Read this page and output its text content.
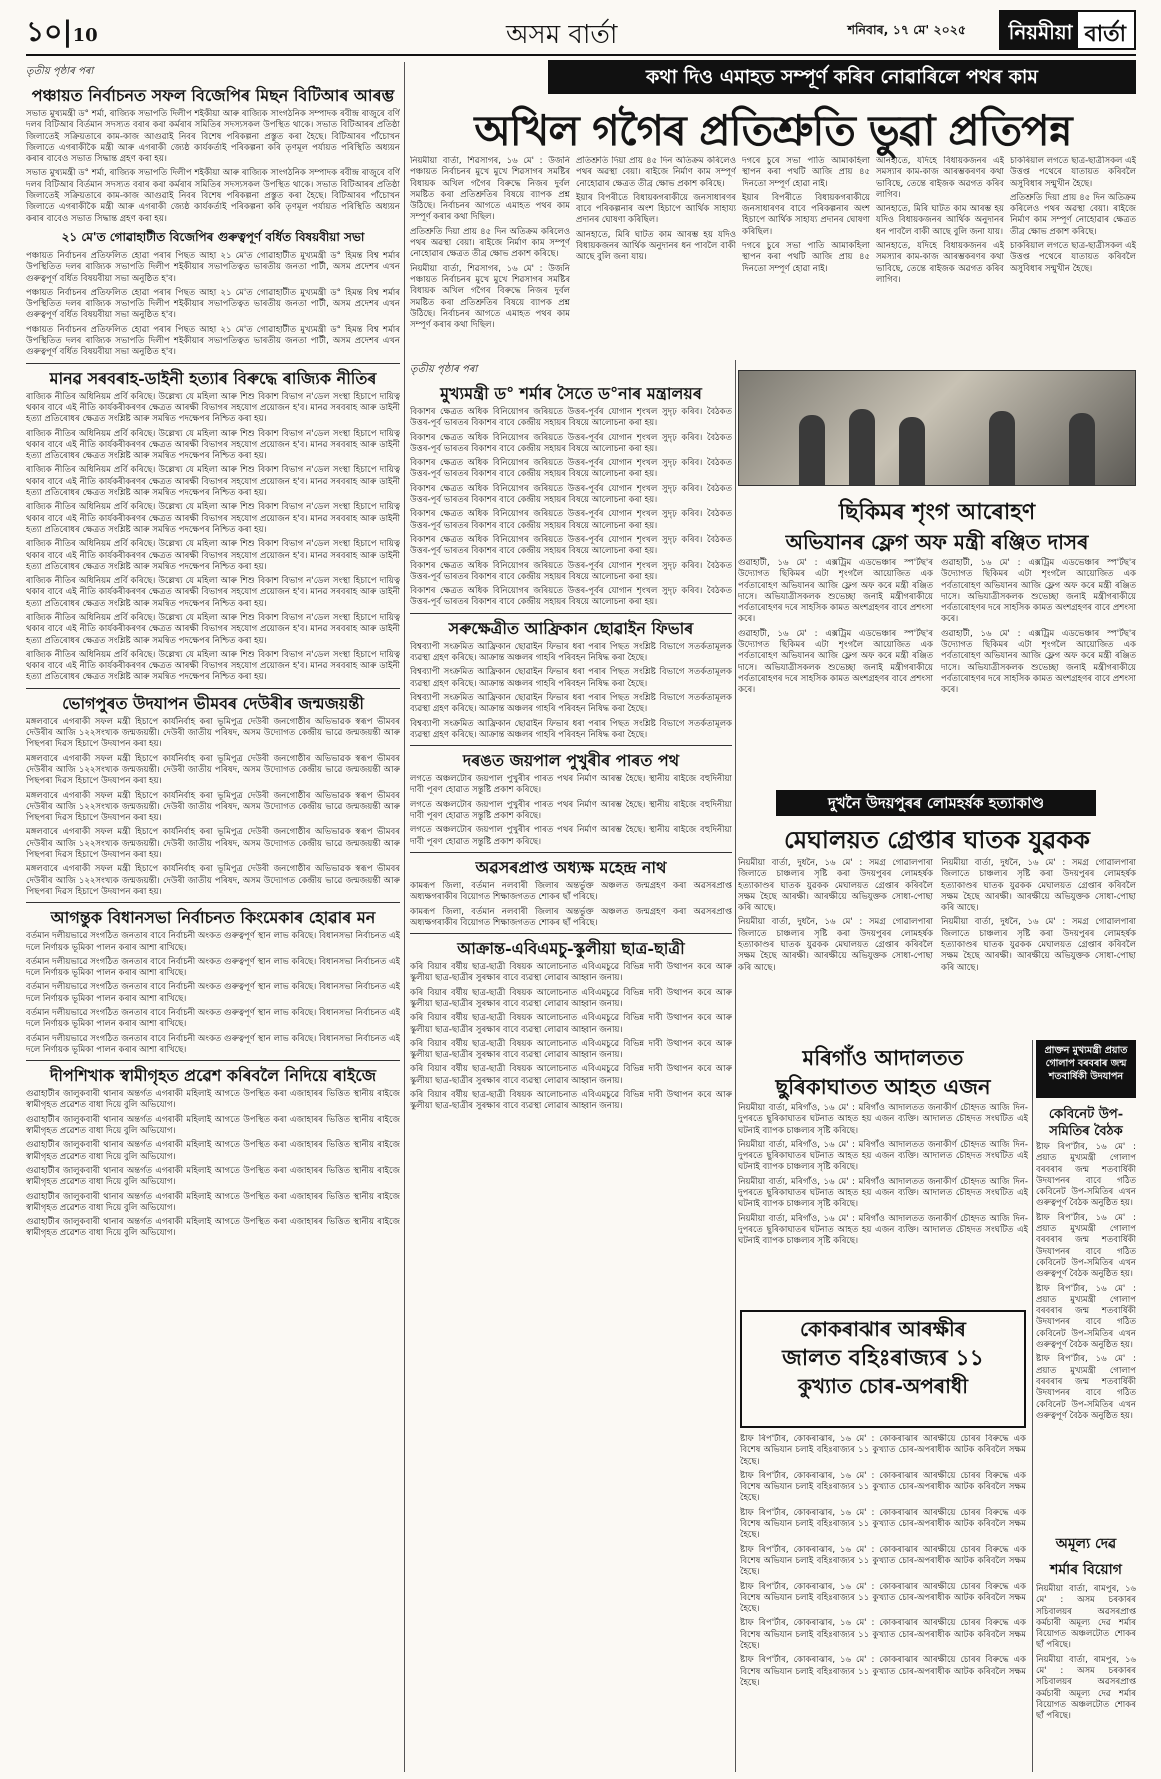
১০|10	অসম বাৰ্তা	শনিবাৰ, ১৭ মে' ২০২৫	নিয়মীয়া বাৰ্তা
তৃতীয় পৃষ্ঠাৰ পৰা
পঞ্চায়ত নিৰ্বাচনত সফল বিজেপিৰ মিছন বিটিআৰ আৰম্ভ

সভাত মুখ্যমন্ত্ৰী ড° শৰ্মা, ৰাজ্যিক সভাপতি দিলীপ শইকীয়া আৰু ৰাজ্যিক সাংগঠনিক সম্পাদক ৰবীন্দ্ৰ ৰাজুৰে বৰ্ণি দলৰ বিটিআৰ বিৰ্তমান সদস্যত বৰাৰ কৰা কৰ্মৰাৰ সমিতিৰ সদস্যসকল উপস্থিত থাকে। সভাত বিটিআৰৰ প্ৰতিষ্ঠা জিলাতেই সক্ৰিয়তাৰে কাম-কাজ আগুৱাই নিবৰ বিশেষ পৰিকল্পনা প্ৰস্তুত কৰা হৈছে। বিটিআৰৰ পাঁচোখন জিলাতে এগৰাকীকৈ মন্ত্ৰী আৰু এগৰাকী জ্যেষ্ঠ কাৰ্যকৰ্তাই পৰিকল্পনা কৰি তৃণমূল পৰ্যায়ত পৰিস্থিতি অধ্যয়ন কৰাৰ বাবেও সভাত সিদ্ধান্ত গ্ৰহণ কৰা হয়।

সভাত মুখ্যমন্ত্ৰী ড° শৰ্মা, ৰাজ্যিক সভাপতি দিলীপ শইকীয়া আৰু ৰাজ্যিক সাংগঠনিক সম্পাদক ৰবীন্দ্ৰ ৰাজুৰে বৰ্ণি দলৰ বিটিআৰ বিৰ্তমান সদস্যত বৰাৰ কৰা কৰ্মৰাৰ সমিতিৰ সদস্যসকল উপস্থিত থাকে। সভাত বিটিআৰৰ প্ৰতিষ্ঠা জিলাতেই সক্ৰিয়তাৰে কাম-কাজ আগুৱাই নিবৰ বিশেষ পৰিকল্পনা প্ৰস্তুত কৰা হৈছে। বিটিআৰৰ পাঁচোখন জিলাতে এগৰাকীকৈ মন্ত্ৰী আৰু এগৰাকী জ্যেষ্ঠ কাৰ্যকৰ্তাই পৰিকল্পনা কৰি তৃণমূল পৰ্যায়ত পৰিস্থিতি অধ্যয়ন কৰাৰ বাবেও সভাত সিদ্ধান্ত গ্ৰহণ কৰা হয়।

২১ মে'ত গোৱাহাটীত বিজেপিৰ গুৰুত্বপূৰ্ণ বৰ্ধিত বিষয়বীয়া সভা

পঞ্চায়ত নিৰ্বাচনৰ প্ৰতিফলিত হোৱা পৰাৰ পিছত আহা ২১ মে'ত গোৱাহাটীত মুখ্যমন্ত্ৰী ড° হিমন্ত বিশ্ব শৰ্মাৰ উপস্থিতিত দলৰ ৰাজ্যিক সভাপতি দিলীপ শইকীয়াৰ সভাপতিত্বত ভাৰতীয় জনতা পাৰ্টী, অসম প্ৰদেশৰ এখন গুৰুত্বপূৰ্ণ বৰ্ধিত বিষয়বীয়া সভা অনুষ্ঠিত হ'ব।

পঞ্চায়ত নিৰ্বাচনৰ প্ৰতিফলিত হোৱা পৰাৰ পিছত আহা ২১ মে'ত গোৱাহাটীত মুখ্যমন্ত্ৰী ড° হিমন্ত বিশ্ব শৰ্মাৰ উপস্থিতিত দলৰ ৰাজ্যিক সভাপতি দিলীপ শইকীয়াৰ সভাপতিত্বত ভাৰতীয় জনতা পাৰ্টী, অসম প্ৰদেশৰ এখন গুৰুত্বপূৰ্ণ বৰ্ধিত বিষয়বীয়া সভা অনুষ্ঠিত হ'ব।

পঞ্চায়ত নিৰ্বাচনৰ প্ৰতিফলিত হোৱা পৰাৰ পিছত আহা ২১ মে'ত গোৱাহাটীত মুখ্যমন্ত্ৰী ড° হিমন্ত বিশ্ব শৰ্মাৰ উপস্থিতিত দলৰ ৰাজ্যিক সভাপতি দিলীপ শইকীয়াৰ সভাপতিত্বত ভাৰতীয় জনতা পাৰ্টী, অসম প্ৰদেশৰ এখন গুৰুত্বপূৰ্ণ বৰ্ধিত বিষয়বীয়া সভা অনুষ্ঠিত হ'ব।

মানৱ সৰবৰাহ-ডাইনী হত্যাৰ বিৰুদ্ধে ৰাজ্যিক নীতিৰ

ৰাজ্যিক নীতিৰ অধিনিয়ম প্ৰৰ্বি কৰিছে। উল্লেখ্য যে মহিলা আৰু শিশু বিকাশ বিভাগ ন'ডেল সংস্থা হিচাপে দায়িত্ব থকাৰ বাবে এই নীতি কাৰ্যকৰীকৰণৰ ক্ষেত্ৰত আৰক্ষী বিভাগৰ সহযোগ প্ৰয়োজন হ'ব। মানৱ সৰবৰাহ আৰু ডাইনী হত্যা প্ৰতিৰোধৰ ক্ষেত্ৰত সংশ্লিষ্ট আৰু সমন্বিত পদক্ষেপৰ নিশ্চিত কৰা হয়।

ৰাজ্যিক নীতিৰ অধিনিয়ম প্ৰৰ্বি কৰিছে। উল্লেখ্য যে মহিলা আৰু শিশু বিকাশ বিভাগ ন'ডেল সংস্থা হিচাপে দায়িত্ব থকাৰ বাবে এই নীতি কাৰ্যকৰীকৰণৰ ক্ষেত্ৰত আৰক্ষী বিভাগৰ সহযোগ প্ৰয়োজন হ'ব। মানৱ সৰবৰাহ আৰু ডাইনী হত্যা প্ৰতিৰোধৰ ক্ষেত্ৰত সংশ্লিষ্ট আৰু সমন্বিত পদক্ষেপৰ নিশ্চিত কৰা হয়।

ৰাজ্যিক নীতিৰ অধিনিয়ম প্ৰৰ্বি কৰিছে। উল্লেখ্য যে মহিলা আৰু শিশু বিকাশ বিভাগ ন'ডেল সংস্থা হিচাপে দায়িত্ব থকাৰ বাবে এই নীতি কাৰ্যকৰীকৰণৰ ক্ষেত্ৰত আৰক্ষী বিভাগৰ সহযোগ প্ৰয়োজন হ'ব। মানৱ সৰবৰাহ আৰু ডাইনী হত্যা প্ৰতিৰোধৰ ক্ষেত্ৰত সংশ্লিষ্ট আৰু সমন্বিত পদক্ষেপৰ নিশ্চিত কৰা হয়।

ৰাজ্যিক নীতিৰ অধিনিয়ম প্ৰৰ্বি কৰিছে। উল্লেখ্য যে মহিলা আৰু শিশু বিকাশ বিভাগ ন'ডেল সংস্থা হিচাপে দায়িত্ব থকাৰ বাবে এই নীতি কাৰ্যকৰীকৰণৰ ক্ষেত্ৰত আৰক্ষী বিভাগৰ সহযোগ প্ৰয়োজন হ'ব। মানৱ সৰবৰাহ আৰু ডাইনী হত্যা প্ৰতিৰোধৰ ক্ষেত্ৰত সংশ্লিষ্ট আৰু সমন্বিত পদক্ষেপৰ নিশ্চিত কৰা হয়।

ৰাজ্যিক নীতিৰ অধিনিয়ম প্ৰৰ্বি কৰিছে। উল্লেখ্য যে মহিলা আৰু শিশু বিকাশ বিভাগ ন'ডেল সংস্থা হিচাপে দায়িত্ব থকাৰ বাবে এই নীতি কাৰ্যকৰীকৰণৰ ক্ষেত্ৰত আৰক্ষী বিভাগৰ সহযোগ প্ৰয়োজন হ'ব। মানৱ সৰবৰাহ আৰু ডাইনী হত্যা প্ৰতিৰোধৰ ক্ষেত্ৰত সংশ্লিষ্ট আৰু সমন্বিত পদক্ষেপৰ নিশ্চিত কৰা হয়।

ৰাজ্যিক নীতিৰ অধিনিয়ম প্ৰৰ্বি কৰিছে। উল্লেখ্য যে মহিলা আৰু শিশু বিকাশ বিভাগ ন'ডেল সংস্থা হিচাপে দায়িত্ব থকাৰ বাবে এই নীতি কাৰ্যকৰীকৰণৰ ক্ষেত্ৰত আৰক্ষী বিভাগৰ সহযোগ প্ৰয়োজন হ'ব। মানৱ সৰবৰাহ আৰু ডাইনী হত্যা প্ৰতিৰোধৰ ক্ষেত্ৰত সংশ্লিষ্ট আৰু সমন্বিত পদক্ষেপৰ নিশ্চিত কৰা হয়।

ৰাজ্যিক নীতিৰ অধিনিয়ম প্ৰৰ্বি কৰিছে। উল্লেখ্য যে মহিলা আৰু শিশু বিকাশ বিভাগ ন'ডেল সংস্থা হিচাপে দায়িত্ব থকাৰ বাবে এই নীতি কাৰ্যকৰীকৰণৰ ক্ষেত্ৰত আৰক্ষী বিভাগৰ সহযোগ প্ৰয়োজন হ'ব। মানৱ সৰবৰাহ আৰু ডাইনী হত্যা প্ৰতিৰোধৰ ক্ষেত্ৰত সংশ্লিষ্ট আৰু সমন্বিত পদক্ষেপৰ নিশ্চিত কৰা হয়।

ৰাজ্যিক নীতিৰ অধিনিয়ম প্ৰৰ্বি কৰিছে। উল্লেখ্য যে মহিলা আৰু শিশু বিকাশ বিভাগ ন'ডেল সংস্থা হিচাপে দায়িত্ব থকাৰ বাবে এই নীতি কাৰ্যকৰীকৰণৰ ক্ষেত্ৰত আৰক্ষী বিভাগৰ সহযোগ প্ৰয়োজন হ'ব। মানৱ সৰবৰাহ আৰু ডাইনী হত্যা প্ৰতিৰোধৰ ক্ষেত্ৰত সংশ্লিষ্ট আৰু সমন্বিত পদক্ষেপৰ নিশ্চিত কৰা হয়।

ভোগপুৰত উদযাপন ভীমবৰ দেউৰীৰ জন্মজয়ন্তী

মঙ্গলবাৰে এগৰাকী সফল মন্ত্ৰী হিচাপে কাৰ্যনিৰ্বাহ কৰা ভূমিপুত্ৰ দেউৰী জনগোষ্ঠীৰ অভিভাৱক স্বৰূপ ভীমবৰ দেউৰীৰ আজি ১২২সংখ্যক জন্মজয়ন্তী। দেউৰী জাতীয় পৰিষদ, অসম উদ্যোগত কেন্দ্ৰীয় ভাৱে জন্মজয়ন্তী আৰু পিছপৰা দিৱস হিচাপে উদযাপন কৰা হয়।

মঙ্গলবাৰে এগৰাকী সফল মন্ত্ৰী হিচাপে কাৰ্যনিৰ্বাহ কৰা ভূমিপুত্ৰ দেউৰী জনগোষ্ঠীৰ অভিভাৱক স্বৰূপ ভীমবৰ দেউৰীৰ আজি ১২২সংখ্যক জন্মজয়ন্তী। দেউৰী জাতীয় পৰিষদ, অসম উদ্যোগত কেন্দ্ৰীয় ভাৱে জন্মজয়ন্তী আৰু পিছপৰা দিৱস হিচাপে উদযাপন কৰা হয়।

মঙ্গলবাৰে এগৰাকী সফল মন্ত্ৰী হিচাপে কাৰ্যনিৰ্বাহ কৰা ভূমিপুত্ৰ দেউৰী জনগোষ্ঠীৰ অভিভাৱক স্বৰূপ ভীমবৰ দেউৰীৰ আজি ১২২সংখ্যক জন্মজয়ন্তী। দেউৰী জাতীয় পৰিষদ, অসম উদ্যোগত কেন্দ্ৰীয় ভাৱে জন্মজয়ন্তী আৰু পিছপৰা দিৱস হিচাপে উদযাপন কৰা হয়।

মঙ্গলবাৰে এগৰাকী সফল মন্ত্ৰী হিচাপে কাৰ্যনিৰ্বাহ কৰা ভূমিপুত্ৰ দেউৰী জনগোষ্ঠীৰ অভিভাৱক স্বৰূপ ভীমবৰ দেউৰীৰ আজি ১২২সংখ্যক জন্মজয়ন্তী। দেউৰী জাতীয় পৰিষদ, অসম উদ্যোগত কেন্দ্ৰীয় ভাৱে জন্মজয়ন্তী আৰু পিছপৰা দিৱস হিচাপে উদযাপন কৰা হয়।

মঙ্গলবাৰে এগৰাকী সফল মন্ত্ৰী হিচাপে কাৰ্যনিৰ্বাহ কৰা ভূমিপুত্ৰ দেউৰী জনগোষ্ঠীৰ অভিভাৱক স্বৰূপ ভীমবৰ দেউৰীৰ আজি ১২২সংখ্যক জন্মজয়ন্তী। দেউৰী জাতীয় পৰিষদ, অসম উদ্যোগত কেন্দ্ৰীয় ভাৱে জন্মজয়ন্তী আৰু পিছপৰা দিৱস হিচাপে উদযাপন কৰা হয়।

আগন্তুক বিধানসভা নিৰ্বাচনত কিংমেকাৰ হোৱাৰ মন

বৰ্তমান দলীয়ভাৱে সংগঠিত জনতাৰ বাবে নিৰ্বাচনী অংকত গুৰুত্বপূৰ্ণ স্থান লাভ কৰিছে। বিধানসভা নিৰ্বাচনত এই দলে নিৰ্ণায়ক ভূমিকা পালন কৰাৰ আশা ৰাখিছে।

বৰ্তমান দলীয়ভাৱে সংগঠিত জনতাৰ বাবে নিৰ্বাচনী অংকত গুৰুত্বপূৰ্ণ স্থান লাভ কৰিছে। বিধানসভা নিৰ্বাচনত এই দলে নিৰ্ণায়ক ভূমিকা পালন কৰাৰ আশা ৰাখিছে।

বৰ্তমান দলীয়ভাৱে সংগঠিত জনতাৰ বাবে নিৰ্বাচনী অংকত গুৰুত্বপূৰ্ণ স্থান লাভ কৰিছে। বিধানসভা নিৰ্বাচনত এই দলে নিৰ্ণায়ক ভূমিকা পালন কৰাৰ আশা ৰাখিছে।

বৰ্তমান দলীয়ভাৱে সংগঠিত জনতাৰ বাবে নিৰ্বাচনী অংকত গুৰুত্বপূৰ্ণ স্থান লাভ কৰিছে। বিধানসভা নিৰ্বাচনত এই দলে নিৰ্ণায়ক ভূমিকা পালন কৰাৰ আশা ৰাখিছে।

বৰ্তমান দলীয়ভাৱে সংগঠিত জনতাৰ বাবে নিৰ্বাচনী অংকত গুৰুত্বপূৰ্ণ স্থান লাভ কৰিছে। বিধানসভা নিৰ্বাচনত এই দলে নিৰ্ণায়ক ভূমিকা পালন কৰাৰ আশা ৰাখিছে।

দীপশিখাক স্বামীগৃহত প্ৰৱেশ কৰিবলৈ নিদিয়ে ৰাইজে

গুৱাহাটীৰ জালুকবাৰী থানাৰ অন্তৰ্গত এগৰাকী মহিলাই আগতে উপস্থিত কৰা এজাহাৰৰ ভিত্তিত স্থানীয় ৰাইজে স্বামীগৃহত প্ৰৱেশত বাধা দিয়ে বুলি অভিযোগ।

গুৱাহাটীৰ জালুকবাৰী থানাৰ অন্তৰ্গত এগৰাকী মহিলাই আগতে উপস্থিত কৰা এজাহাৰৰ ভিত্তিত স্থানীয় ৰাইজে স্বামীগৃহত প্ৰৱেশত বাধা দিয়ে বুলি অভিযোগ।

গুৱাহাটীৰ জালুকবাৰী থানাৰ অন্তৰ্গত এগৰাকী মহিলাই আগতে উপস্থিত কৰা এজাহাৰৰ ভিত্তিত স্থানীয় ৰাইজে স্বামীগৃহত প্ৰৱেশত বাধা দিয়ে বুলি অভিযোগ।

গুৱাহাটীৰ জালুকবাৰী থানাৰ অন্তৰ্গত এগৰাকী মহিলাই আগতে উপস্থিত কৰা এজাহাৰৰ ভিত্তিত স্থানীয় ৰাইজে স্বামীগৃহত প্ৰৱেশত বাধা দিয়ে বুলি অভিযোগ।

গুৱাহাটীৰ জালুকবাৰী থানাৰ অন্তৰ্গত এগৰাকী মহিলাই আগতে উপস্থিত কৰা এজাহাৰৰ ভিত্তিত স্থানীয় ৰাইজে স্বামীগৃহত প্ৰৱেশত বাধা দিয়ে বুলি অভিযোগ।

গুৱাহাটীৰ জালুকবাৰী থানাৰ অন্তৰ্গত এগৰাকী মহিলাই আগতে উপস্থিত কৰা এজাহাৰৰ ভিত্তিত স্থানীয় ৰাইজে স্বামীগৃহত প্ৰৱেশত বাধা দিয়ে বুলি অভিযোগ।

কথা দিও এমাহত সম্পূৰ্ণ কৰিব নোৱাৰিলে পথৰ কাম
অখিল গগৈৰ প্ৰতিশ্ৰুতি ভুৱা প্ৰতিপন্ন

নিয়মীয়া বাৰ্তা, শিৱসাগৰ, ১৬ মে' : উজনি পঞ্চায়ত নিৰ্বাচনৰ মুখে মুখে শিৱসাগৰ সমষ্টিৰ বিধায়ক অখিল গগৈৰ বিৰুদ্ধে নিজৰ দুৰ্বল সমষ্টিত কৰা প্ৰতিশ্ৰুতিৰ বিষয়ে ব্যাপক প্ৰশ্ন উঠিছে। নিৰ্বাচনৰ আগতে এমাহত পথৰ কাম সম্পূৰ্ণ কৰাৰ কথা দিছিল।

প্ৰতিশ্ৰুতি দিয়া প্ৰায় ৪৫ দিন অতিক্ৰম কৰিলেও পথৰ অৱস্থা বেয়া। ৰাইজে নিৰ্মাণ কাম সম্পূৰ্ণ নোহোৱাৰ ক্ষেত্ৰত তীব্ৰ ক্ষোভ প্ৰকাশ কৰিছে।

নিয়মীয়া বাৰ্তা, শিৱসাগৰ, ১৬ মে' : উজনি পঞ্চায়ত নিৰ্বাচনৰ মুখে মুখে শিৱসাগৰ সমষ্টিৰ বিধায়ক অখিল গগৈৰ বিৰুদ্ধে নিজৰ দুৰ্বল সমষ্টিত কৰা প্ৰতিশ্ৰুতিৰ বিষয়ে ব্যাপক প্ৰশ্ন উঠিছে। নিৰ্বাচনৰ আগতে এমাহত পথৰ কাম সম্পূৰ্ণ কৰাৰ কথা দিছিল।

প্ৰতিশ্ৰুতি দিয়া প্ৰায় ৪৫ দিন অতিক্ৰম কৰিলেও পথৰ অৱস্থা বেয়া। ৰাইজে নিৰ্মাণ কাম সম্পূৰ্ণ নোহোৱাৰ ক্ষেত্ৰত তীব্ৰ ক্ষোভ প্ৰকাশ কৰিছে।

ইয়াৰ বিপৰীতে বিধায়কগৰাকীয়ে জনসাধাৰণৰ বাবে পৰিকল্পনাৰ অংশ হিচাপে আৰ্থিক সাহায্য প্ৰদানৰ ঘোষণা কৰিছিল।

আনহাতে, মিৰি ঘাটত কাম আৰম্ভ হয় যদিও বিধায়কজনৰ আৰ্থিক অনুদানৰ ধন পাবলৈ বাকী আছে বুলি জনা যায়।

দগৰে চুৰে সভা পাতি আমাকহিলা স্থাপন কৰা পথটি আজি প্ৰায় ৪৫ দিনতো সম্পূৰ্ণ হোৱা নাই।

ইয়াৰ বিপৰীতে বিধায়কগৰাকীয়ে জনসাধাৰণৰ বাবে পৰিকল্পনাৰ অংশ হিচাপে আৰ্থিক সাহায্য প্ৰদানৰ ঘোষণা কৰিছিল।

দগৰে চুৰে সভা পাতি আমাকহিলা স্থাপন কৰা পথটি আজি প্ৰায় ৪৫ দিনতো সম্পূৰ্ণ হোৱা নাই।

আনহাতে, যদিহে বিধায়কজনৰ এই সমস্যাৰ কাম-কাজ আৰম্ভকৰণৰ কথা ভাবিছে, তেন্তে ৰাইজক অৱগত কৰিব লাগিব।

আনহাতে, মিৰি ঘাটত কাম আৰম্ভ হয় যদিও বিধায়কজনৰ আৰ্থিক অনুদানৰ ধন পাবলৈ বাকী আছে বুলি জনা যায়।

আনহাতে, যদিহে বিধায়কজনৰ এই সমস্যাৰ কাম-কাজ আৰম্ভকৰণৰ কথা ভাবিছে, তেন্তে ৰাইজক অৱগত কৰিব লাগিব।

চাকৰিয়াল লগতে ছাত্ৰ-ছাত্ৰীসকল এই উত্তপ্ত পথেৰে যাতায়ত কৰিবলৈ অসুবিধাৰ সন্মুখীন হৈছে।

প্ৰতিশ্ৰুতি দিয়া প্ৰায় ৪৫ দিন অতিক্ৰম কৰিলেও পথৰ অৱস্থা বেয়া। ৰাইজে নিৰ্মাণ কাম সম্পূৰ্ণ নোহোৱাৰ ক্ষেত্ৰত তীব্ৰ ক্ষোভ প্ৰকাশ কৰিছে।

চাকৰিয়াল লগতে ছাত্ৰ-ছাত্ৰীসকল এই উত্তপ্ত পথেৰে যাতায়ত কৰিবলৈ অসুবিধাৰ সন্মুখীন হৈছে।

তৃতীয় পৃষ্ঠাৰ পৰা
মুখ্যমন্ত্ৰী ড° শৰ্মাৰ সৈতে ড°নাৰ মন্ত্ৰালয়ৰ

বিকাশৰ ক্ষেত্ৰত অধিক বিনিয়োগৰ জৰিয়তে উত্তৰ-পূৰ্বৰ যোগান শৃংখল সুদৃঢ় কৰিব। বৈঠকত উত্তৰ-পূৰ্ব ভাৰতৰ বিকাশৰ বাবে কেন্দ্ৰীয় সহায়ৰ বিষয়ে আলোচনা কৰা হয়।

বিকাশৰ ক্ষেত্ৰত অধিক বিনিয়োগৰ জৰিয়তে উত্তৰ-পূৰ্বৰ যোগান শৃংখল সুদৃঢ় কৰিব। বৈঠকত উত্তৰ-পূৰ্ব ভাৰতৰ বিকাশৰ বাবে কেন্দ্ৰীয় সহায়ৰ বিষয়ে আলোচনা কৰা হয়।

বিকাশৰ ক্ষেত্ৰত অধিক বিনিয়োগৰ জৰিয়তে উত্তৰ-পূৰ্বৰ যোগান শৃংখল সুদৃঢ় কৰিব। বৈঠকত উত্তৰ-পূৰ্ব ভাৰতৰ বিকাশৰ বাবে কেন্দ্ৰীয় সহায়ৰ বিষয়ে আলোচনা কৰা হয়।

বিকাশৰ ক্ষেত্ৰত অধিক বিনিয়োগৰ জৰিয়তে উত্তৰ-পূৰ্বৰ যোগান শৃংখল সুদৃঢ় কৰিব। বৈঠকত উত্তৰ-পূৰ্ব ভাৰতৰ বিকাশৰ বাবে কেন্দ্ৰীয় সহায়ৰ বিষয়ে আলোচনা কৰা হয়।

বিকাশৰ ক্ষেত্ৰত অধিক বিনিয়োগৰ জৰিয়তে উত্তৰ-পূৰ্বৰ যোগান শৃংখল সুদৃঢ় কৰিব। বৈঠকত উত্তৰ-পূৰ্ব ভাৰতৰ বিকাশৰ বাবে কেন্দ্ৰীয় সহায়ৰ বিষয়ে আলোচনা কৰা হয়।

বিকাশৰ ক্ষেত্ৰত অধিক বিনিয়োগৰ জৰিয়তে উত্তৰ-পূৰ্বৰ যোগান শৃংখল সুদৃঢ় কৰিব। বৈঠকত উত্তৰ-পূৰ্ব ভাৰতৰ বিকাশৰ বাবে কেন্দ্ৰীয় সহায়ৰ বিষয়ে আলোচনা কৰা হয়।

বিকাশৰ ক্ষেত্ৰত অধিক বিনিয়োগৰ জৰিয়তে উত্তৰ-পূৰ্বৰ যোগান শৃংখল সুদৃঢ় কৰিব। বৈঠকত উত্তৰ-পূৰ্ব ভাৰতৰ বিকাশৰ বাবে কেন্দ্ৰীয় সহায়ৰ বিষয়ে আলোচনা কৰা হয়।

বিকাশৰ ক্ষেত্ৰত অধিক বিনিয়োগৰ জৰিয়তে উত্তৰ-পূৰ্বৰ যোগান শৃংখল সুদৃঢ় কৰিব। বৈঠকত উত্তৰ-পূৰ্ব ভাৰতৰ বিকাশৰ বাবে কেন্দ্ৰীয় সহায়ৰ বিষয়ে আলোচনা কৰা হয়।

সৰুক্ষেত্ৰীত আফ্ৰিকান ছোৱাইন ফিভাৰ

বিশ্বব্যাপী সংক্ৰমিত আফ্ৰিকান ছোৱাইন ফিভাৰ ধৰা পৰাৰ পিছত সংশ্লিষ্ট বিভাগে সতৰ্কতামূলক ব্যৱস্থা গ্ৰহণ কৰিছে। আক্ৰান্ত অঞ্চলৰ গাহৰি পৰিবহন নিষিদ্ধ কৰা হৈছে।

বিশ্বব্যাপী সংক্ৰমিত আফ্ৰিকান ছোৱাইন ফিভাৰ ধৰা পৰাৰ পিছত সংশ্লিষ্ট বিভাগে সতৰ্কতামূলক ব্যৱস্থা গ্ৰহণ কৰিছে। আক্ৰান্ত অঞ্চলৰ গাহৰি পৰিবহন নিষিদ্ধ কৰা হৈছে।

বিশ্বব্যাপী সংক্ৰমিত আফ্ৰিকান ছোৱাইন ফিভাৰ ধৰা পৰাৰ পিছত সংশ্লিষ্ট বিভাগে সতৰ্কতামূলক ব্যৱস্থা গ্ৰহণ কৰিছে। আক্ৰান্ত অঞ্চলৰ গাহৰি পৰিবহন নিষিদ্ধ কৰা হৈছে।

বিশ্বব্যাপী সংক্ৰমিত আফ্ৰিকান ছোৱাইন ফিভাৰ ধৰা পৰাৰ পিছত সংশ্লিষ্ট বিভাগে সতৰ্কতামূলক ব্যৱস্থা গ্ৰহণ কৰিছে। আক্ৰান্ত অঞ্চলৰ গাহৰি পৰিবহন নিষিদ্ধ কৰা হৈছে।

দৰঙত জয়পাল পুখুৰীৰ পাৰত পথ

লগতে অঞ্চলটোৰ জয়পাল পুখুৰীৰ পাৰত পথৰ নিৰ্মাণ আৰম্ভ হৈছে। স্থানীয় ৰাইজে বহুদিনীয়া দাবী পূৰণ হোৱাত সন্তুষ্টি প্ৰকাশ কৰিছে।

লগতে অঞ্চলটোৰ জয়পাল পুখুৰীৰ পাৰত পথৰ নিৰ্মাণ আৰম্ভ হৈছে। স্থানীয় ৰাইজে বহুদিনীয়া দাবী পূৰণ হোৱাত সন্তুষ্টি প্ৰকাশ কৰিছে।

লগতে অঞ্চলটোৰ জয়পাল পুখুৰীৰ পাৰত পথৰ নিৰ্মাণ আৰম্ভ হৈছে। স্থানীয় ৰাইজে বহুদিনীয়া দাবী পূৰণ হোৱাত সন্তুষ্টি প্ৰকাশ কৰিছে।

অৱসৰপ্ৰাপ্ত অধ্যক্ষ মহেন্দ্ৰ নাথ

কামৰূপ জিলা, বৰ্তমান নলবাৰী জিলাৰ অন্তৰ্ভুক্ত অঞ্চলত জন্মগ্ৰহণ কৰা অৱসৰপ্ৰাপ্ত অধ্যক্ষগৰাকীৰ বিয়োগত শিক্ষাজগতত শোকৰ ছাঁ পৰিছে।

কামৰূপ জিলা, বৰ্তমান নলবাৰী জিলাৰ অন্তৰ্ভুক্ত অঞ্চলত জন্মগ্ৰহণ কৰা অৱসৰপ্ৰাপ্ত অধ্যক্ষগৰাকীৰ বিয়োগত শিক্ষাজগতত শোকৰ ছাঁ পৰিছে।

আক্ৰান্ত-এবিএমচু-স্কুলীয়া ছাত্ৰ-ছাত্ৰী

কৰি বিয়াৰ বৰ্ষীয় ছাত্ৰ-ছাত্ৰী বিষয়ক আলোচনাত এবিএমচুৱে বিভিন্ন দাবী উত্থাপন কৰে আৰু স্কুলীয়া ছাত্ৰ-ছাত্ৰীৰ সুৰক্ষাৰ বাবে ব্যৱস্থা লোৱাৰ আহ্বান জনায়।

কৰি বিয়াৰ বৰ্ষীয় ছাত্ৰ-ছাত্ৰী বিষয়ক আলোচনাত এবিএমচুৱে বিভিন্ন দাবী উত্থাপন কৰে আৰু স্কুলীয়া ছাত্ৰ-ছাত্ৰীৰ সুৰক্ষাৰ বাবে ব্যৱস্থা লোৱাৰ আহ্বান জনায়।

কৰি বিয়াৰ বৰ্ষীয় ছাত্ৰ-ছাত্ৰী বিষয়ক আলোচনাত এবিএমচুৱে বিভিন্ন দাবী উত্থাপন কৰে আৰু স্কুলীয়া ছাত্ৰ-ছাত্ৰীৰ সুৰক্ষাৰ বাবে ব্যৱস্থা লোৱাৰ আহ্বান জনায়।

কৰি বিয়াৰ বৰ্ষীয় ছাত্ৰ-ছাত্ৰী বিষয়ক আলোচনাত এবিএমচুৱে বিভিন্ন দাবী উত্থাপন কৰে আৰু স্কুলীয়া ছাত্ৰ-ছাত্ৰীৰ সুৰক্ষাৰ বাবে ব্যৱস্থা লোৱাৰ আহ্বান জনায়।

কৰি বিয়াৰ বৰ্ষীয় ছাত্ৰ-ছাত্ৰী বিষয়ক আলোচনাত এবিএমচুৱে বিভিন্ন দাবী উত্থাপন কৰে আৰু স্কুলীয়া ছাত্ৰ-ছাত্ৰীৰ সুৰক্ষাৰ বাবে ব্যৱস্থা লোৱাৰ আহ্বান জনায়।

কৰি বিয়াৰ বৰ্ষীয় ছাত্ৰ-ছাত্ৰী বিষয়ক আলোচনাত এবিএমচুৱে বিভিন্ন দাবী উত্থাপন কৰে আৰু স্কুলীয়া ছাত্ৰ-ছাত্ৰীৰ সুৰক্ষাৰ বাবে ব্যৱস্থা লোৱাৰ আহ্বান জনায়।

ছিকিমৰ শৃংগ আৰোহণ
অভিযানৰ ফ্লেগ অফ মন্ত্ৰী ৰঞ্জিত দাসৰ

গুৱাহাটী, ১৬ মে' : এক্সট্ৰিম এডভেঞ্চাৰ স্প'ৰ্টছ'ৰ উদ্যোগত ছিকিমৰ এটা শৃংগলৈ আয়োজিত এক পৰ্বতাৰোহণ অভিযানৰ আজি ফ্লেগ অফ কৰে মন্ত্ৰী ৰঞ্জিত দাসে। অভিযাত্ৰীসকলক শুভেচ্ছা জনাই মন্ত্ৰীগৰাকীয়ে পৰ্বতাৰোহণৰ দৰে সাহসিক কামত অংশগ্ৰহণৰ বাবে প্ৰশংসা কৰে।

গুৱাহাটী, ১৬ মে' : এক্সট্ৰিম এডভেঞ্চাৰ স্প'ৰ্টছ'ৰ উদ্যোগত ছিকিমৰ এটা শৃংগলৈ আয়োজিত এক পৰ্বতাৰোহণ অভিযানৰ আজি ফ্লেগ অফ কৰে মন্ত্ৰী ৰঞ্জিত দাসে। অভিযাত্ৰীসকলক শুভেচ্ছা জনাই মন্ত্ৰীগৰাকীয়ে পৰ্বতাৰোহণৰ দৰে সাহসিক কামত অংশগ্ৰহণৰ বাবে প্ৰশংসা কৰে।

গুৱাহাটী, ১৬ মে' : এক্সট্ৰিম এডভেঞ্চাৰ স্প'ৰ্টছ'ৰ উদ্যোগত ছিকিমৰ এটা শৃংগলৈ আয়োজিত এক পৰ্বতাৰোহণ অভিযানৰ আজি ফ্লেগ অফ কৰে মন্ত্ৰী ৰঞ্জিত দাসে। অভিযাত্ৰীসকলক শুভেচ্ছা জনাই মন্ত্ৰীগৰাকীয়ে পৰ্বতাৰোহণৰ দৰে সাহসিক কামত অংশগ্ৰহণৰ বাবে প্ৰশংসা কৰে।

গুৱাহাটী, ১৬ মে' : এক্সট্ৰিম এডভেঞ্চাৰ স্প'ৰ্টছ'ৰ উদ্যোগত ছিকিমৰ এটা শৃংগলৈ আয়োজিত এক পৰ্বতাৰোহণ অভিযানৰ আজি ফ্লেগ অফ কৰে মন্ত্ৰী ৰঞ্জিত দাসে। অভিযাত্ৰীসকলক শুভেচ্ছা জনাই মন্ত্ৰীগৰাকীয়ে পৰ্বতাৰোহণৰ দৰে সাহসিক কামত অংশগ্ৰহণৰ বাবে প্ৰশংসা কৰে।

দুখনৈ উদয়পুৰৰ লোমহৰ্ষক হত্যাকাণ্ড
মেঘালয়ত গ্ৰেপ্তাৰ ঘাতক যুৱকক

নিয়মীয়া বাৰ্তা, দুধনৈ, ১৬ মে' : সমগ্ৰ গোৱালপাৰা জিলাতে চাঞ্চল্যৰ সৃষ্টি কৰা উদয়পুৰৰ লোমহৰ্ষক হত্যাকাণ্ডৰ ঘাতক যুৱকক মেঘালয়ত গ্ৰেপ্তাৰ কৰিবলৈ সক্ষম হৈছে আৰক্ষী। আৰক্ষীয়ে অভিযুক্তক সোধা-পোছা কৰি আছে।

নিয়মীয়া বাৰ্তা, দুধনৈ, ১৬ মে' : সমগ্ৰ গোৱালপাৰা জিলাতে চাঞ্চল্যৰ সৃষ্টি কৰা উদয়পুৰৰ লোমহৰ্ষক হত্যাকাণ্ডৰ ঘাতক যুৱকক মেঘালয়ত গ্ৰেপ্তাৰ কৰিবলৈ সক্ষম হৈছে আৰক্ষী। আৰক্ষীয়ে অভিযুক্তক সোধা-পোছা কৰি আছে।

নিয়মীয়া বাৰ্তা, দুধনৈ, ১৬ মে' : সমগ্ৰ গোৱালপাৰা জিলাতে চাঞ্চল্যৰ সৃষ্টি কৰা উদয়পুৰৰ লোমহৰ্ষক হত্যাকাণ্ডৰ ঘাতক যুৱকক মেঘালয়ত গ্ৰেপ্তাৰ কৰিবলৈ সক্ষম হৈছে আৰক্ষী। আৰক্ষীয়ে অভিযুক্তক সোধা-পোছা কৰি আছে।

নিয়মীয়া বাৰ্তা, দুধনৈ, ১৬ মে' : সমগ্ৰ গোৱালপাৰা জিলাতে চাঞ্চল্যৰ সৃষ্টি কৰা উদয়পুৰৰ লোমহৰ্ষক হত্যাকাণ্ডৰ ঘাতক যুৱকক মেঘালয়ত গ্ৰেপ্তাৰ কৰিবলৈ সক্ষম হৈছে আৰক্ষী। আৰক্ষীয়ে অভিযুক্তক সোধা-পোছা কৰি আছে।

মৰিগাঁও আদালতত
ছুৰিকাঘাতত আহত এজন

নিয়মীয়া বাৰ্তা, মৰিগাঁও, ১৬ মে' : মৰিগাঁও আদালতত জনাকীৰ্ণ চৌহদত আজি দিন-দুপৰতে ছুৰিকাঘাতৰ ঘটনাত আহত হয় এজন ব্যক্তি। আদালত চৌহদত সংঘটিত এই ঘটনাই ব্যাপক চাঞ্চল্যৰ সৃষ্টি কৰিছে।

নিয়মীয়া বাৰ্তা, মৰিগাঁও, ১৬ মে' : মৰিগাঁও আদালতত জনাকীৰ্ণ চৌহদত আজি দিন-দুপৰতে ছুৰিকাঘাতৰ ঘটনাত আহত হয় এজন ব্যক্তি। আদালত চৌহদত সংঘটিত এই ঘটনাই ব্যাপক চাঞ্চল্যৰ সৃষ্টি কৰিছে।

নিয়মীয়া বাৰ্তা, মৰিগাঁও, ১৬ মে' : মৰিগাঁও আদালতত জনাকীৰ্ণ চৌহদত আজি দিন-দুপৰতে ছুৰিকাঘাতৰ ঘটনাত আহত হয় এজন ব্যক্তি। আদালত চৌহদত সংঘটিত এই ঘটনাই ব্যাপক চাঞ্চল্যৰ সৃষ্টি কৰিছে।

নিয়মীয়া বাৰ্তা, মৰিগাঁও, ১৬ মে' : মৰিগাঁও আদালতত জনাকীৰ্ণ চৌহদত আজি দিন-দুপৰতে ছুৰিকাঘাতৰ ঘটনাত আহত হয় এজন ব্যক্তি। আদালত চৌহদত সংঘটিত এই ঘটনাই ব্যাপক চাঞ্চল্যৰ সৃষ্টি কৰিছে।

কোকৰাঝাৰ আৰক্ষীৰ
জালত বহিঃৰাজ্যৰ ১১
কুখ্যাত চোৰ-অপৰাধী

ষ্টাফ ৰিপ'ৰ্টাৰ, কোকৰাঝাৰ, ১৬ মে' : কোকৰাঝাৰ আৰক্ষীয়ে চোৰৰ বিৰুদ্ধে এক বিশেষ অভিযান চলাই বহিঃৰাজ্যৰ ১১ কুখ্যাত চোৰ-অপৰাধীক আটক কৰিবলৈ সক্ষম হৈছে।

ষ্টাফ ৰিপ'ৰ্টাৰ, কোকৰাঝাৰ, ১৬ মে' : কোকৰাঝাৰ আৰক্ষীয়ে চোৰৰ বিৰুদ্ধে এক বিশেষ অভিযান চলাই বহিঃৰাজ্যৰ ১১ কুখ্যাত চোৰ-অপৰাধীক আটক কৰিবলৈ সক্ষম হৈছে।

ষ্টাফ ৰিপ'ৰ্টাৰ, কোকৰাঝাৰ, ১৬ মে' : কোকৰাঝাৰ আৰক্ষীয়ে চোৰৰ বিৰুদ্ধে এক বিশেষ অভিযান চলাই বহিঃৰাজ্যৰ ১১ কুখ্যাত চোৰ-অপৰাধীক আটক কৰিবলৈ সক্ষম হৈছে।

ষ্টাফ ৰিপ'ৰ্টাৰ, কোকৰাঝাৰ, ১৬ মে' : কোকৰাঝাৰ আৰক্ষীয়ে চোৰৰ বিৰুদ্ধে এক বিশেষ অভিযান চলাই বহিঃৰাজ্যৰ ১১ কুখ্যাত চোৰ-অপৰাধীক আটক কৰিবলৈ সক্ষম হৈছে।

ষ্টাফ ৰিপ'ৰ্টাৰ, কোকৰাঝাৰ, ১৬ মে' : কোকৰাঝাৰ আৰক্ষীয়ে চোৰৰ বিৰুদ্ধে এক বিশেষ অভিযান চলাই বহিঃৰাজ্যৰ ১১ কুখ্যাত চোৰ-অপৰাধীক আটক কৰিবলৈ সক্ষম হৈছে।

ষ্টাফ ৰিপ'ৰ্টাৰ, কোকৰাঝাৰ, ১৬ মে' : কোকৰাঝাৰ আৰক্ষীয়ে চোৰৰ বিৰুদ্ধে এক বিশেষ অভিযান চলাই বহিঃৰাজ্যৰ ১১ কুখ্যাত চোৰ-অপৰাধীক আটক কৰিবলৈ সক্ষম হৈছে।

ষ্টাফ ৰিপ'ৰ্টাৰ, কোকৰাঝাৰ, ১৬ মে' : কোকৰাঝাৰ আৰক্ষীয়ে চোৰৰ বিৰুদ্ধে এক বিশেষ অভিযান চলাই বহিঃৰাজ্যৰ ১১ কুখ্যাত চোৰ-অপৰাধীক আটক কৰিবলৈ সক্ষম হৈছে।

প্ৰাক্তন মুখ্যমন্ত্ৰী প্ৰয়াত গোলাপ বৰবৰাৰ জন্ম শতবাৰ্ষিকী উদযাপন
কেবিনেট উপ-সমিতিৰ বৈঠক

ষ্টাফ ৰিপ'ৰ্টাৰ, ১৬ মে' : প্ৰয়াত মুখ্যমন্ত্ৰী গোলাপ বৰবৰাৰ জন্ম শতবাৰ্ষিকী উদযাপনৰ বাবে গঠিত কেবিনেট উপ-সমিতিৰ এখন গুৰুত্বপূৰ্ণ বৈঠক অনুষ্ঠিত হয়।

ষ্টাফ ৰিপ'ৰ্টাৰ, ১৬ মে' : প্ৰয়াত মুখ্যমন্ত্ৰী গোলাপ বৰবৰাৰ জন্ম শতবাৰ্ষিকী উদযাপনৰ বাবে গঠিত কেবিনেট উপ-সমিতিৰ এখন গুৰুত্বপূৰ্ণ বৈঠক অনুষ্ঠিত হয়।

ষ্টাফ ৰিপ'ৰ্টাৰ, ১৬ মে' : প্ৰয়াত মুখ্যমন্ত্ৰী গোলাপ বৰবৰাৰ জন্ম শতবাৰ্ষিকী উদযাপনৰ বাবে গঠিত কেবিনেট উপ-সমিতিৰ এখন গুৰুত্বপূৰ্ণ বৈঠক অনুষ্ঠিত হয়।

ষ্টাফ ৰিপ'ৰ্টাৰ, ১৬ মে' : প্ৰয়াত মুখ্যমন্ত্ৰী গোলাপ বৰবৰাৰ জন্ম শতবাৰ্ষিকী উদযাপনৰ বাবে গঠিত কেবিনেট উপ-সমিতিৰ এখন গুৰুত্বপূৰ্ণ বৈঠক অনুষ্ঠিত হয়।

অমূল্য দেৱ
শৰ্মাৰ বিয়োগ

নিয়মীয়া বাৰ্তা, ৰামপুৰ, ১৬ মে' : অসম চৰকাৰৰ সচিবালয়ৰ অৱসৰপ্ৰাপ্ত কৰ্মচাৰী অমূল্য দেৱ শৰ্মাৰ বিয়োগত অঞ্চলটোত শোকৰ ছাঁ পৰিছে।

নিয়মীয়া বাৰ্তা, ৰামপুৰ, ১৬ মে' : অসম চৰকাৰৰ সচিবালয়ৰ অৱসৰপ্ৰাপ্ত কৰ্মচাৰী অমূল্য দেৱ শৰ্মাৰ বিয়োগত অঞ্চলটোত শোকৰ ছাঁ পৰিছে।
